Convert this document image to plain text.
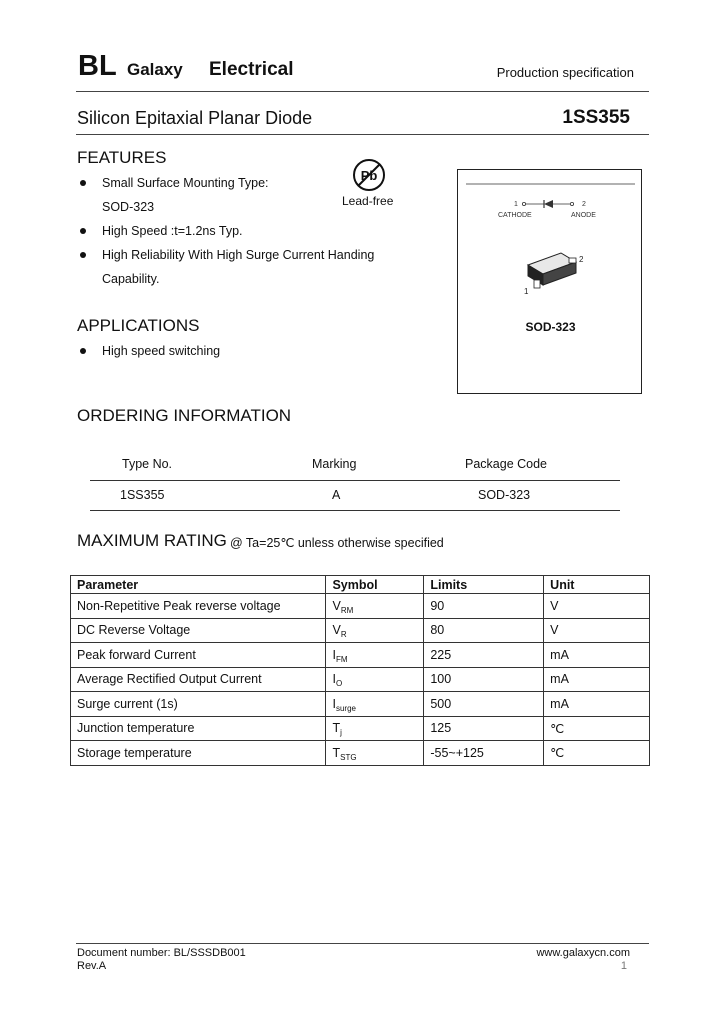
BL Galaxy Electrical	Production specification
Silicon Epitaxial Planar Diode	1SS355
FEATURES
Small Surface Mounting Type:
SOD-323
High Speed :t=1.2ns Typ.
High Reliability With High Surge Current Handing
Capability.
Pb
Lead-free	1	2
CATHODE	ANODE
2
1
SOD-323
APPLICATIONS
High speed switching
ORDERING INFORMATION
Type No.	Marking	Package Code
1SS355	A	SOD-323
MAXIMUM RATING @ Ta=25℃ unless otherwise specified
Parameter	Symbol	Limits	Unit
Non-Repetitive Peak reverse voltage	$V_{RM}$	90	V
DC Reverse Voltage	$V_R$	80	V
Peak forward Current	$I_{FM}$	225	mA
Average Rectified Output Current	$I_O$	100	mA
Surge current (1s)	$I_{surge}$	500	mA
Junction temperature	$T_j$	125	℃
Storage temperature	$T_{STG}$	-55~+125	℃
Document number: BL/SSSDB001
Rev.A
www.galaxycn.com
1
